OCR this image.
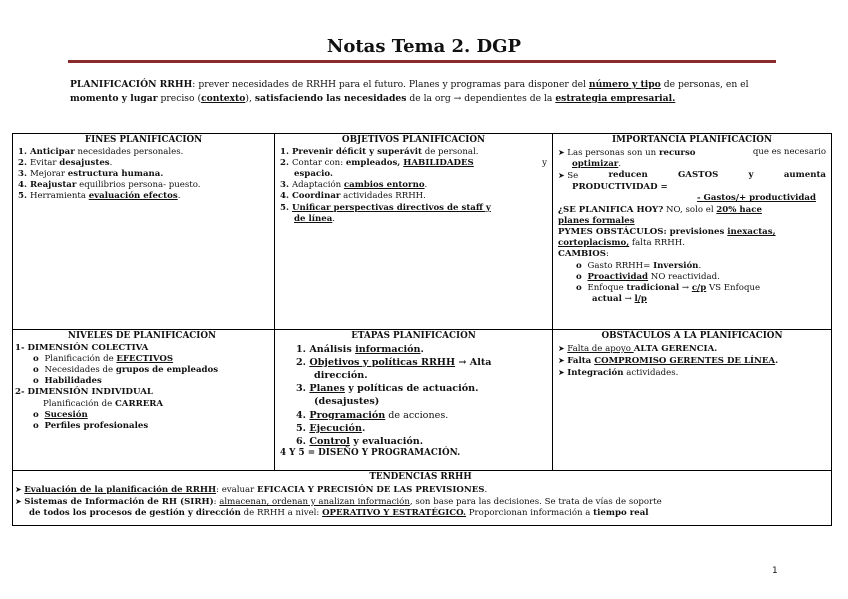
Notas Tema 2. DGP
PLANIFICACIÓN RRHH: prever necesidades de RRHH para el futuro. Planes y programas para disponer del número y tipo de personas, en el momento y lugar preciso (contexto), satisfaciendo las necesidades de la org → dependientes de la estrategia empresarial.
FINES PLANIFICACIÓN
1. Anticipar necesidades personales.
2. Evitar desajustes.
3. Mejorar estructura humana.
4. Reajustar equilibrios persona- puesto.
5. Herramienta evaluación efectos.
OBJETIVOS PLANIFICACIÓN
1. Prevenir déficit y superávit de personal.
2. Contar con: empleados, HABILIDADES	y
espacio.
3. Adaptación cambios entorno.
4. Coordinar actividades RRHH.
5. Unificar perspectivas directivos de staff y
de línea.
IMPORTANCIA PLANIFICACIÓN
➤ Las personas son un recurso	que es necesario
optimizar.
➤ Se	reducen	GASTOS	y	aumenta
PRODUCTIVIDAD =
- Gastos/+ productividad
¿SE PLANIFICA HOY? NO, solo el 20% hace
planes formales
PYMES OBSTÁCULOS: previsiones inexactas,
cortoplacismo, falta RRHH.
CAMBIOS:
o  Gasto RRHH= Inversión.
o  Proactividad NO reactividad.
o  Enfoque tradicional → c/p VS Enfoque
actual → l/p
NIVELES DE PLANIFICACIÓN
1- DIMENSIÓN COLECTIVA
o  Planificación de EFECTIVOS
o  Necesidades de grupos de empleados
o  Habilidades
2- DIMENSIÓN INDIVIDUAL
Planificación de CARRERA
o  Sucesión
o  Perfiles profesionales
ETAPAS PLANIFICACIÓN
1. Análisis información.
2. Objetivos y políticas RRHH → Alta
dirección.
3. Planes y políticas de actuación.
(desajustes)
4. Programación de acciones.
5. Ejecución.
6. Control y evaluación.
4 Y 5 = DISEÑO Y PROGRAMACIÓN.
OBSTÁCULOS A LA PLANIFICACIÓN
➤ Falta de apoyo ALTA GERENCIA.
➤ Falta COMPROMISO GERENTES DE LÍNEA.
➤ Integración actividades.
TENDENCIAS RRHH
➤ Evaluación de la planificación de RRHH: evaluar EFICACIA Y PRECISIÓN DE LAS PREVISIONES.
➤ Sistemas de Información de RH (SIRH): almacenan, ordenan y analizan información, son base para las decisiones. Se trata de vías de soporte
de todos los procesos de gestión y dirección de RRHH a nivel: OPERATIVO Y ESTRATÉGICO. Proporcionan información a tiempo real
1
